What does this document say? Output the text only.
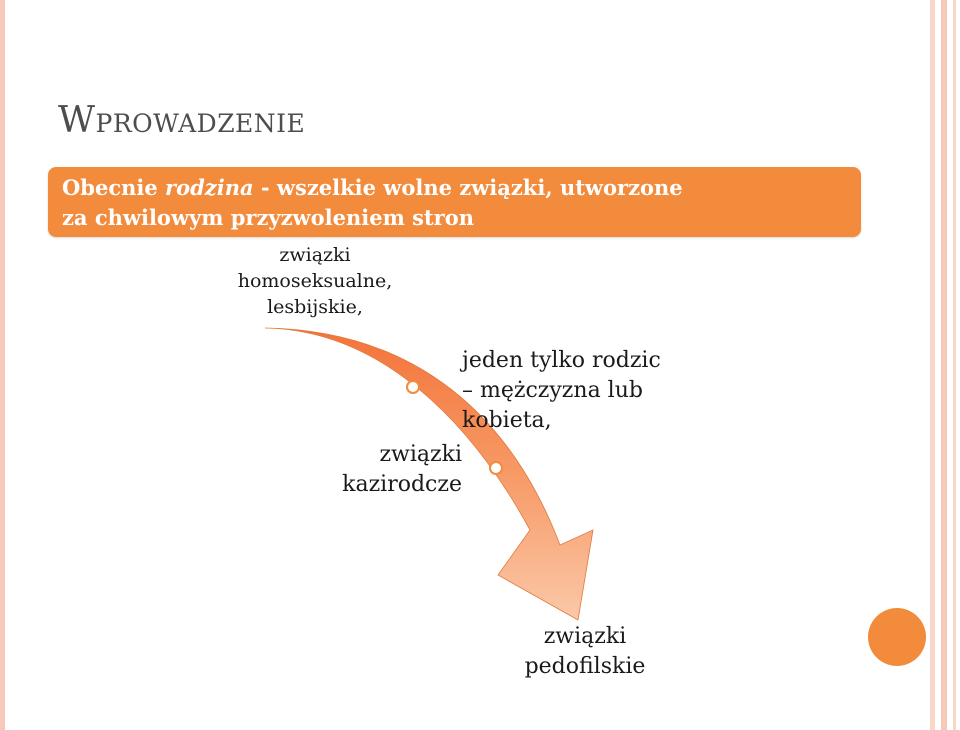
Wprowadzenie
Obecnie rodzina - wszelkie wolne związki, utworzone
za chwilowym przyzwoleniem stron
związki
homoseksualne,
lesbijskie,
jeden tylko rodzic
– mężczyzna lub
kobieta,
związki
kazirodcze
związki
pedofilskie
